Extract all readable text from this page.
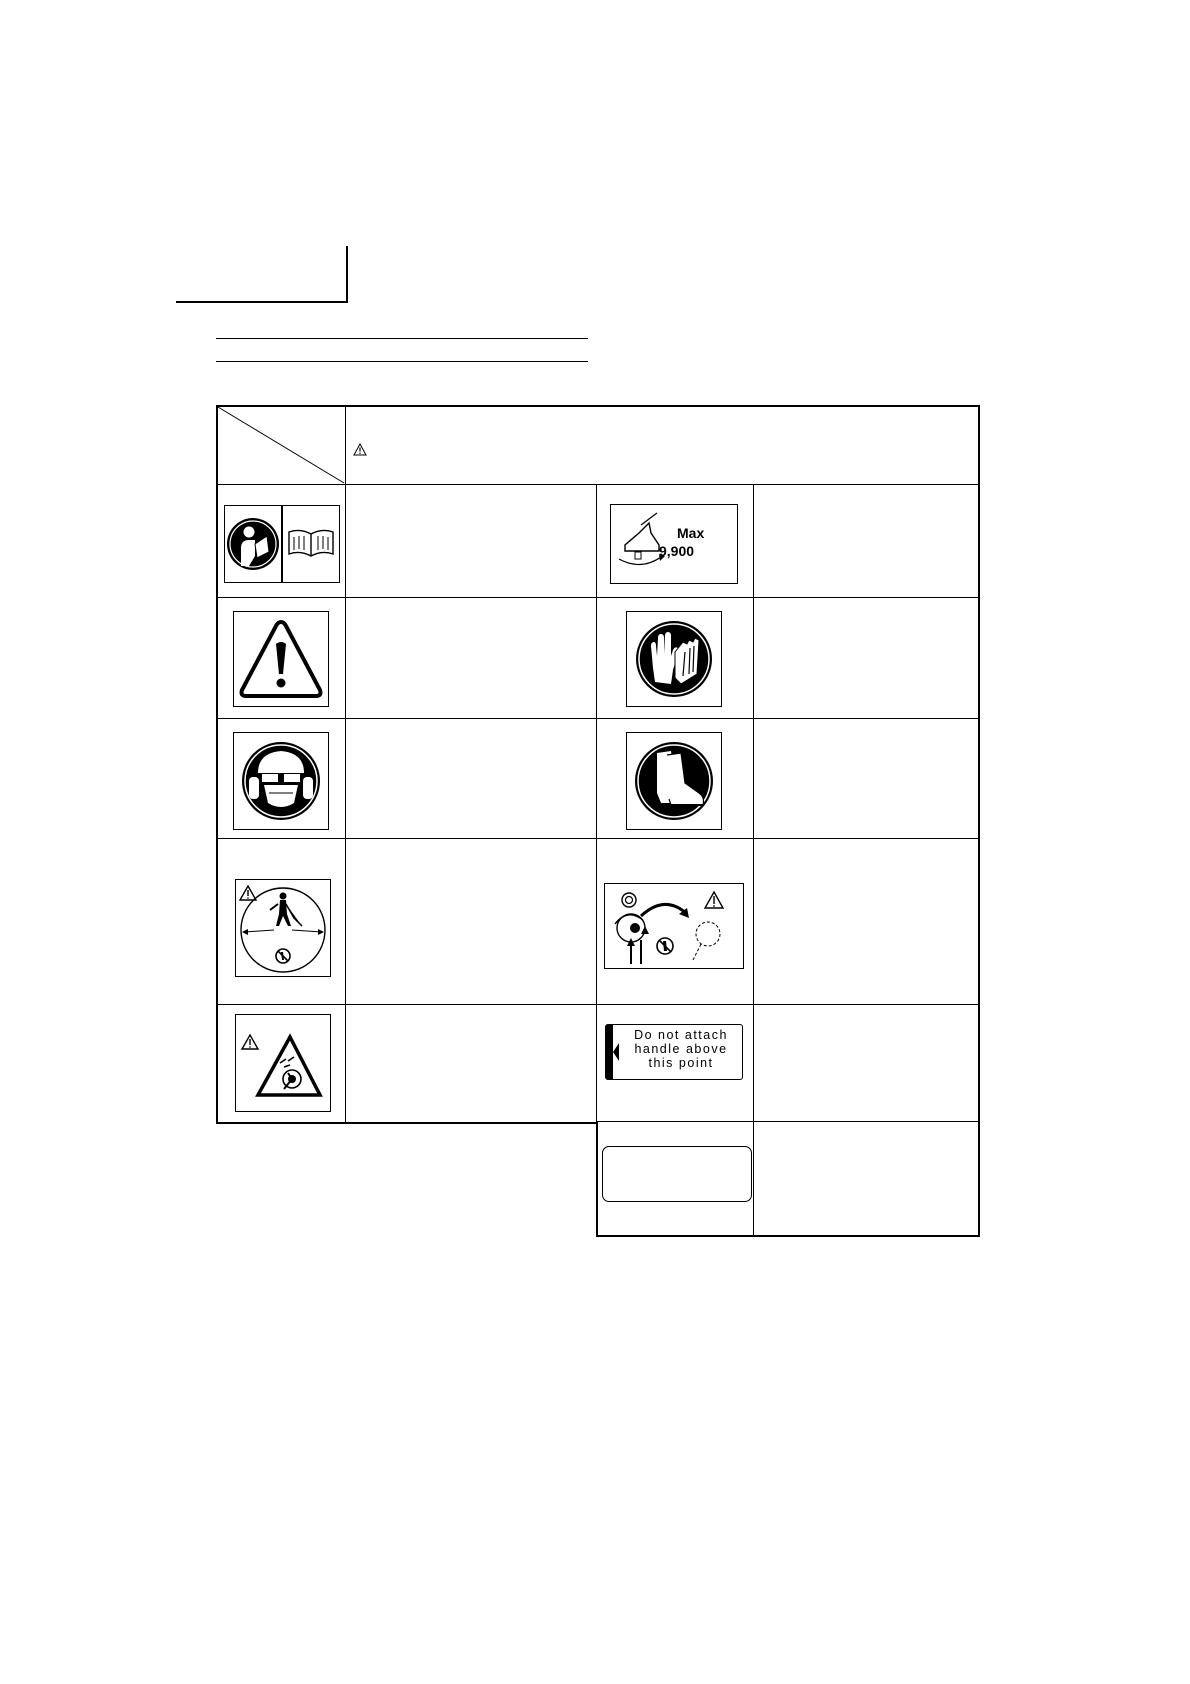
Max
9,900
Do not attach
handle above
this point
